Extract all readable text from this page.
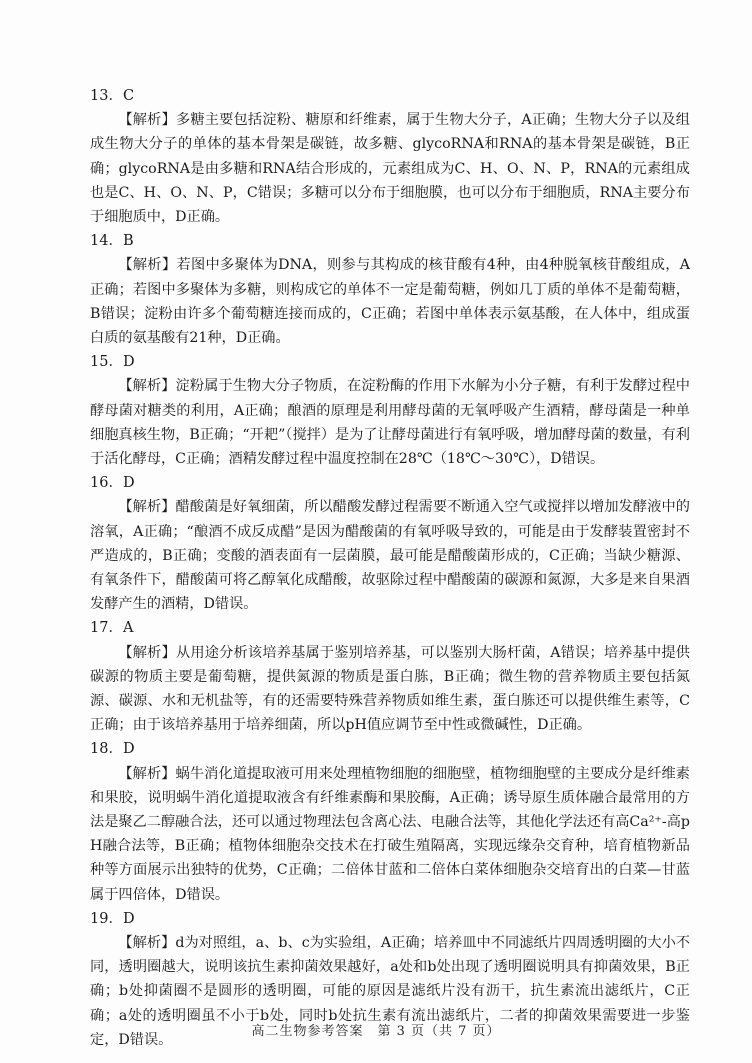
13．C

【解析】多糖主要包括淀粉、糖原和纤维素，属于生物大分子，A正确；生物大分子以及组成生物大分子的单体的基本骨架是碳链，故多糖、glycoRNA和RNA的基本骨架是碳链，B正确；glycoRNA是由多糖和RNA结合形成的，元素组成为C、H、O、N、P，RNA的元素组成也是C、H、O、N、P，C错误；多糖可以分布于细胞膜，也可以分布于细胞质，RNA主要分布于细胞质中，D正确。

14．B

【解析】若图中多聚体为DNA，则参与其构成的核苷酸有4种，由4种脱氧核苷酸组成，A正确；若图中多聚体为多糖，则构成它的单体不一定是葡萄糖，例如几丁质的单体不是葡萄糖，B错误；淀粉由许多个葡萄糖连接而成的，C正确；若图中单体表示氨基酸，在人体中，组成蛋白质的氨基酸有21种，D正确。

15．D

【解析】淀粉属于生物大分子物质，在淀粉酶的作用下水解为小分子糖，有利于发酵过程中酵母菌对糖类的利用，A正确；酿酒的原理是利用酵母菌的无氧呼吸产生酒精，酵母菌是一种单细胞真核生物，B正确；“开耙”（搅拌）是为了让酵母菌进行有氧呼吸，增加酵母菌的数量，有利于活化酵母，C正确；酒精发酵过程中温度控制在28℃（18℃～30℃），D错误。

16．D

【解析】醋酸菌是好氧细菌，所以醋酸发酵过程需要不断通入空气或搅拌以增加发酵液中的溶氧，A正确；“酿酒不成反成醋”是因为醋酸菌的有氧呼吸导致的，可能是由于发酵装置密封不严造成的，B正确；变酸的酒表面有一层菌膜，最可能是醋酸菌形成的，C正确；当缺少糖源、有氧条件下，醋酸菌可将乙醇氧化成醋酸，故驱除过程中醋酸菌的碳源和氮源，大多是来自果酒发酵产生的酒精，D错误。

17．A

【解析】从用途分析该培养基属于鉴别培养基，可以鉴别大肠杆菌，A错误；培养基中提供碳源的物质主要是葡萄糖，提供氮源的物质是蛋白胨，B正确；微生物的营养物质主要包括氮源、碳源、水和无机盐等，有的还需要特殊营养物质如维生素，蛋白胨还可以提供维生素等，C正确；由于该培养基用于培养细菌，所以pH值应调节至中性或微碱性，D正确。

18．D

【解析】蜗牛消化道提取液可用来处理植物细胞的细胞壁，植物细胞壁的主要成分是纤维素和果胶，说明蜗牛消化道提取液含有纤维素酶和果胶酶，A正确；诱导原生质体融合最常用的方法是聚乙二醇融合法，还可以通过物理法包含离心法、电融合法等，其他化学法还有高Ca²⁺-高pH融合法等，B正确；植物体细胞杂交技术在打破生殖隔离，实现远缘杂交育种，培育植物新品种等方面展示出独特的优势，C正确；二倍体甘蓝和二倍体白菜体细胞杂交培育出的白菜—甘蓝属于四倍体，D错误。

19．D

【解析】d为对照组，a、b、c为实验组，A正确；培养皿中不同滤纸片四周透明圈的大小不同，透明圈越大，说明该抗生素抑菌效果越好，a处和b处出现了透明圈说明具有抑菌效果，B正确；b处抑菌圈不是圆形的透明圈，可能的原因是滤纸片没有沥干，抗生素流出滤纸片，C正确；a处的透明圈虽不小于b处，同时b处抗生素有流出滤纸片，二者的抑菌效果需要进一步鉴定，D错误。

高二生物参考答案　第 3 页（共 7 页）
